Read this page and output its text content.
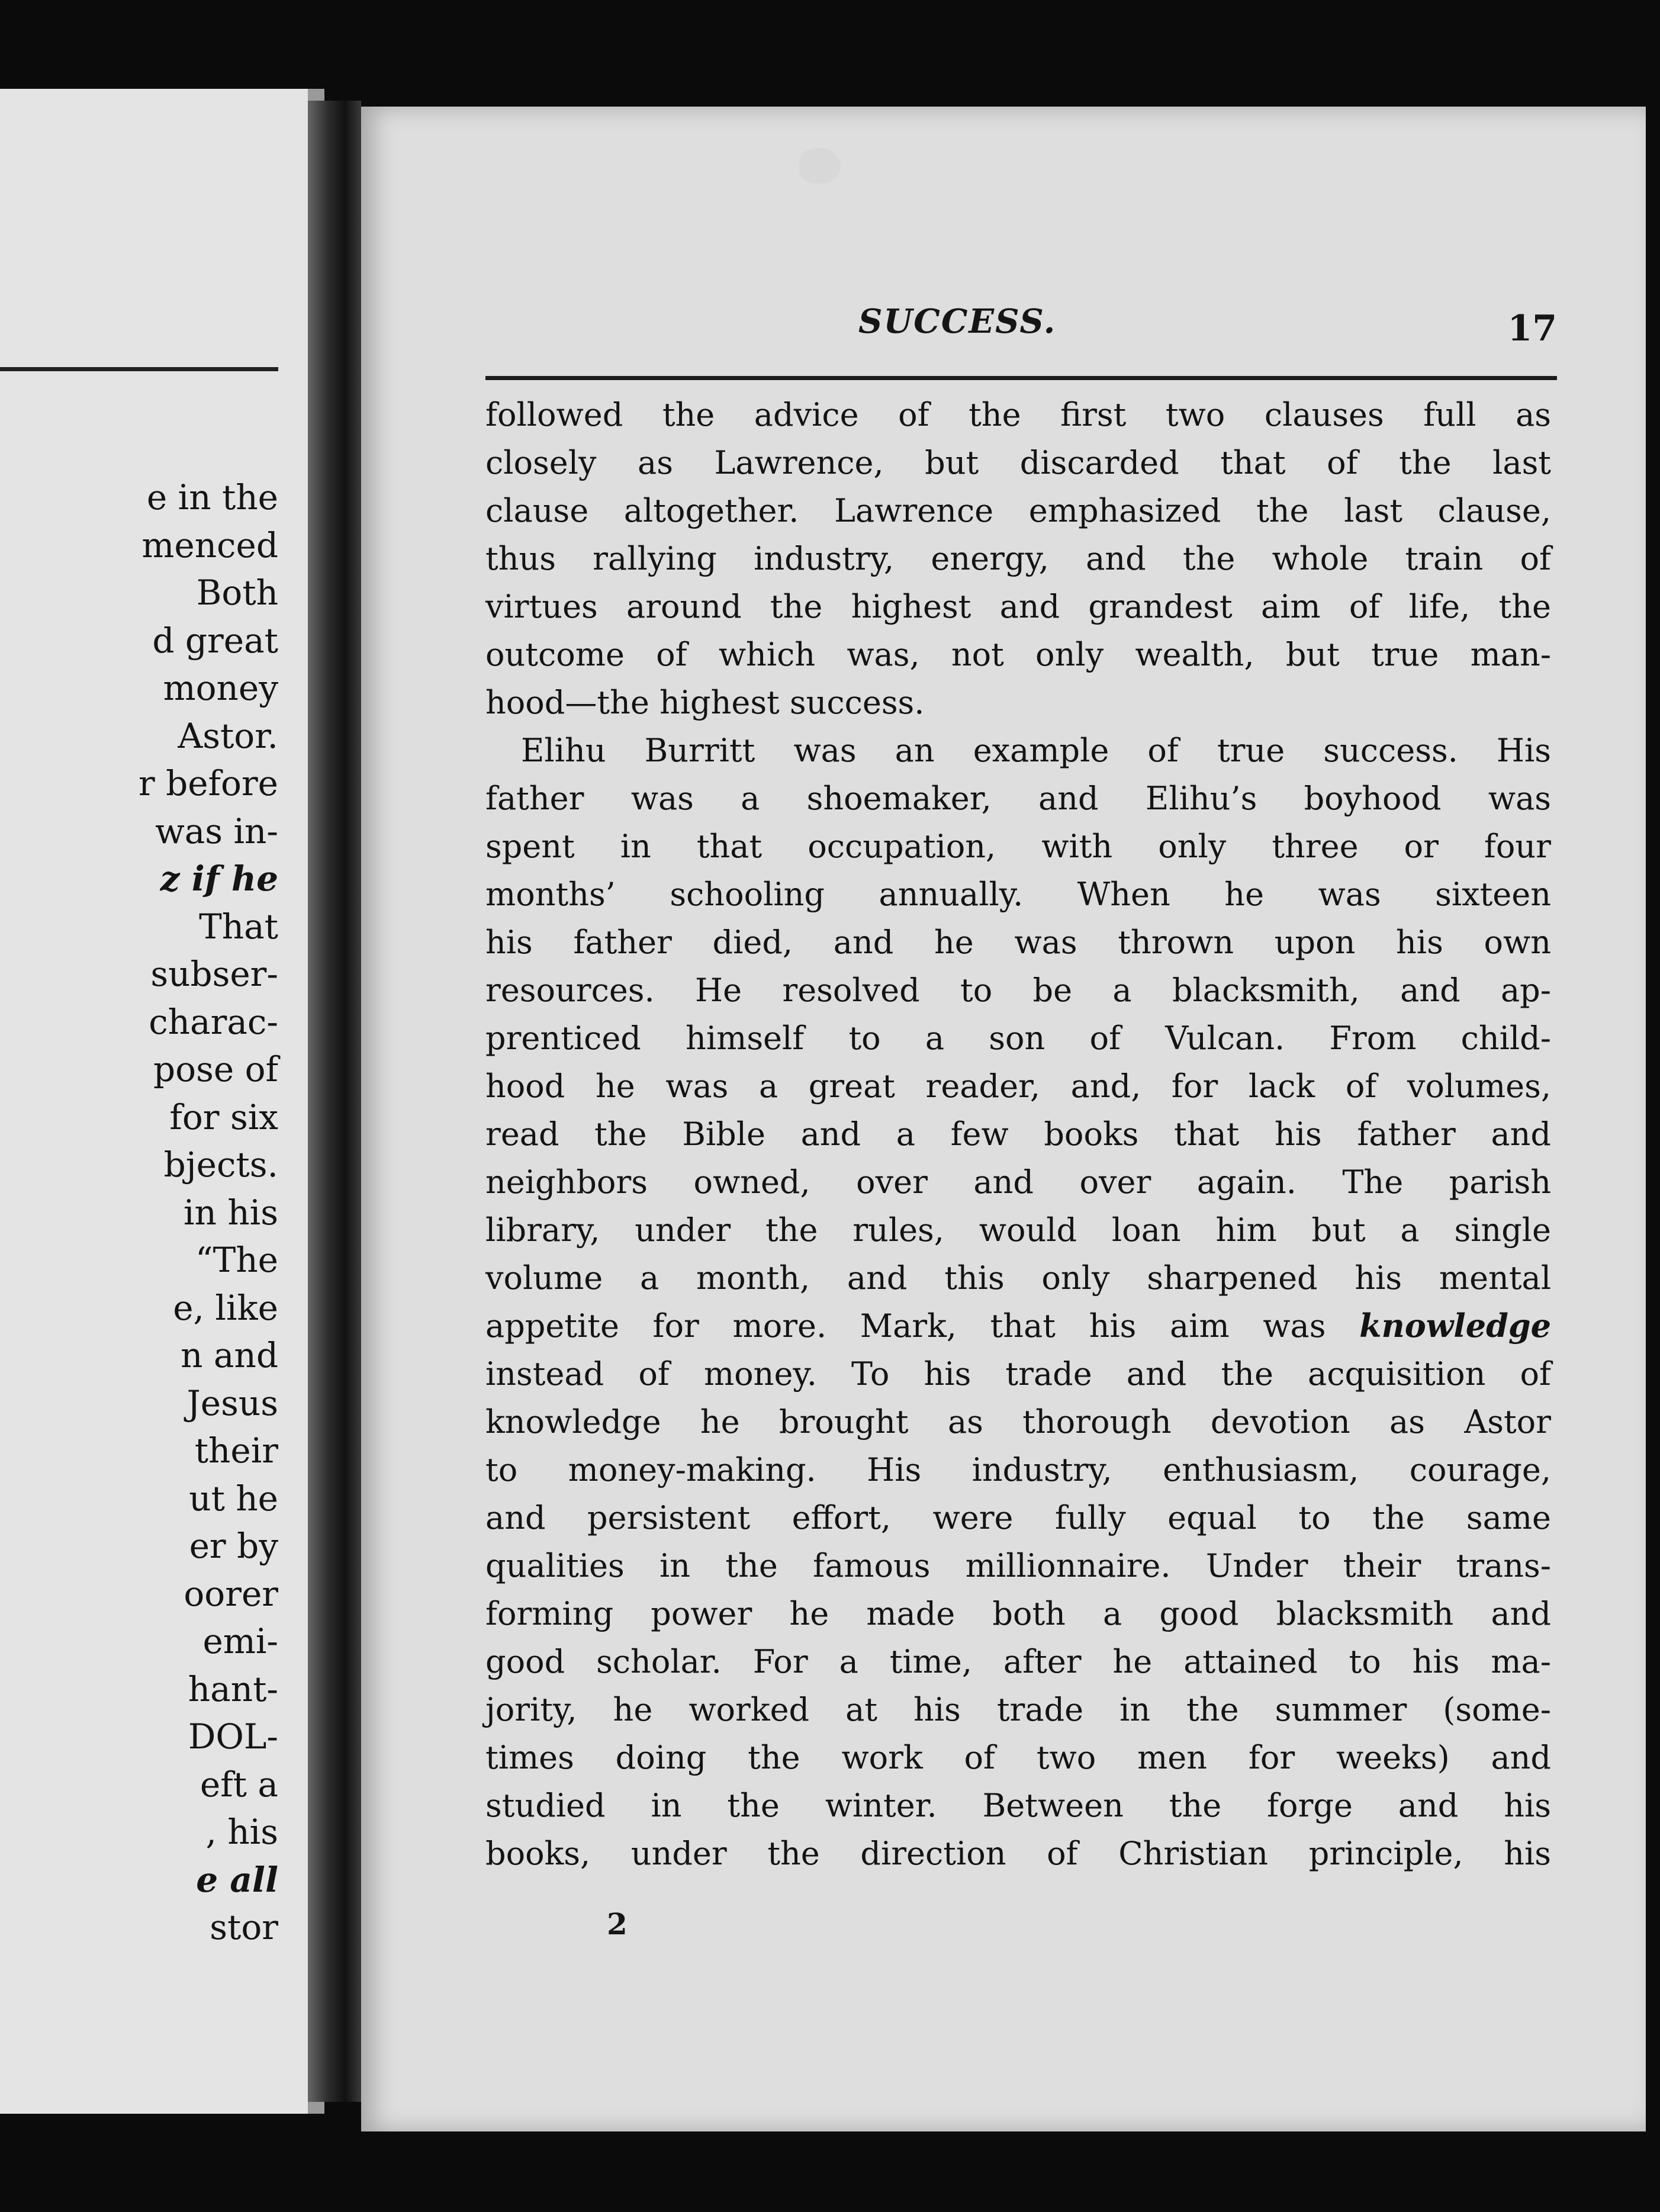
e in the
menced
Both
d great
money
Astor.
r before
was in-
z if he
That
subser-
charac-
pose of
for six
bjects.
in his
“The
e, like
n and
Jesus
their
ut he
er by
oorer
emi-
hant-
DOL-
eft a
, his
e all
stor
SUCCESS.	17
followed the advice of the first two clauses full as
closely as Lawrence, but discarded that of the last
clause altogether. Lawrence emphasized the last clause,
thus rallying industry, energy, and the whole train of
virtues around the highest and grandest aim of life, the
outcome of which was, not only wealth, but true man-
hood—the highest success.
Elihu Burritt was an example of true success. His
father was a shoemaker, and Elihu’s boyhood was
spent in that occupation, with only three or four
months’ schooling annually. When he was sixteen
his father died, and he was thrown upon his own
resources. He resolved to be a blacksmith, and ap-
prenticed himself to a son of Vulcan. From child-
hood he was a great reader, and, for lack of volumes,
read the Bible and a few books that his father and
neighbors owned, over and over again. The parish
library, under the rules, would loan him but a single
volume a month, and this only sharpened his mental
appetite for more. Mark, that his aim was knowledge
instead of money. To his trade and the acquisition of
knowledge he brought as thorough devotion as Astor
to money-making. His industry, enthusiasm, courage,
and persistent effort, were fully equal to the same
qualities in the famous millionnaire. Under their trans-
forming power he made both a good blacksmith and
good scholar. For a time, after he attained to his ma-
jority, he worked at his trade in the summer (some-
times doing the work of two men for weeks) and
studied in the winter. Between the forge and his
books, under the direction of Christian principle, his
2
